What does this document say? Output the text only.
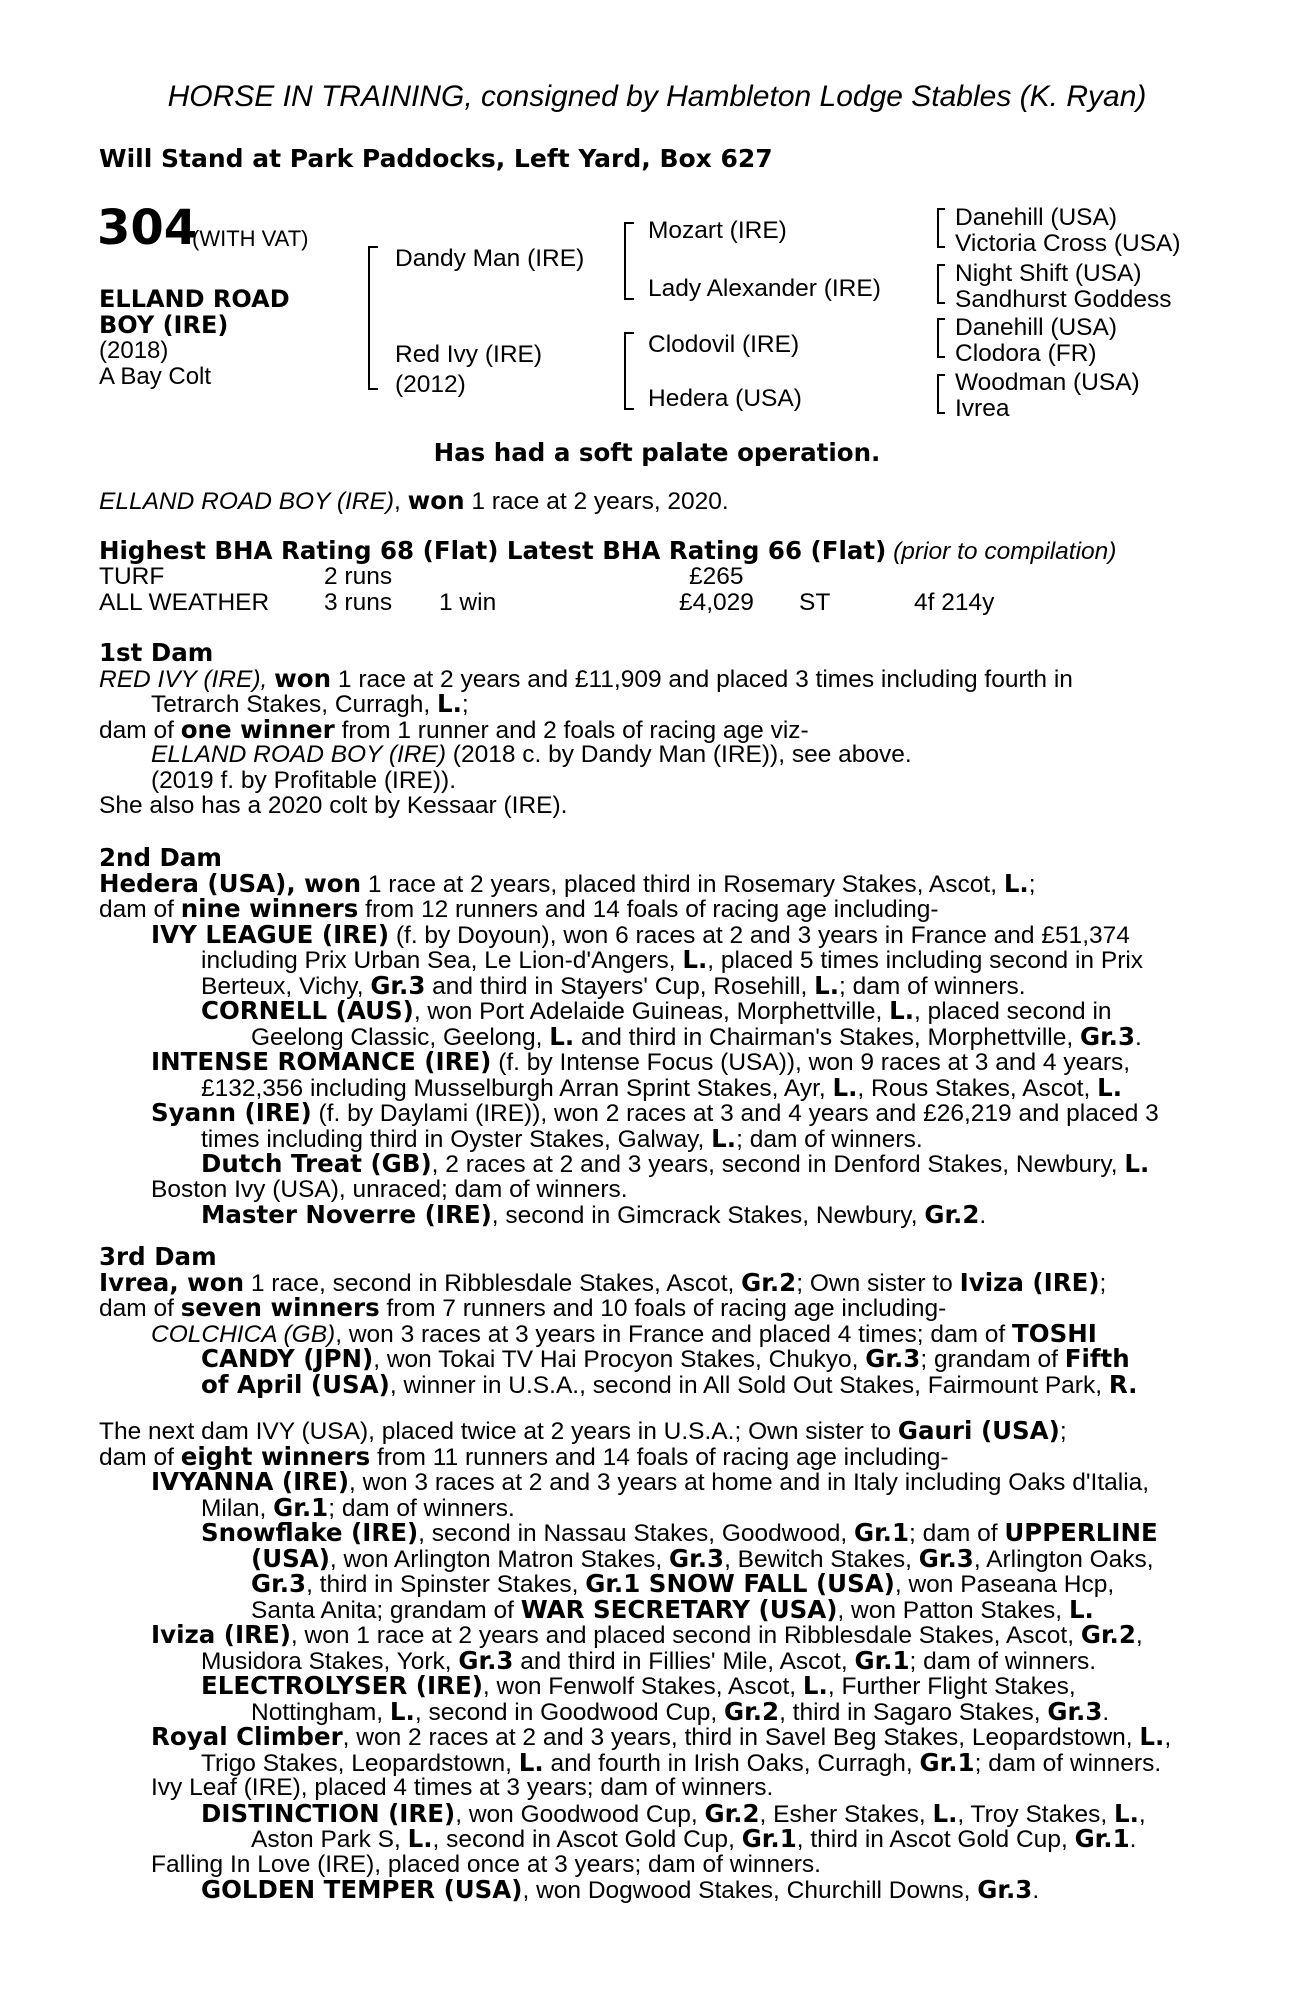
HORSE IN TRAINING, consigned by Hambleton Lodge Stables (K. Ryan)
Will Stand at Park Paddocks, Left Yard, Box 627
304
(WITH VAT)
ELLAND ROAD
BOY (IRE)
(2018)
A Bay Colt
Dandy Man (IRE)
Red Ivy (IRE)
(2012)
Mozart (IRE)
Lady Alexander (IRE)
Clodovil (IRE)
Hedera (USA)
Danehill (USA)
Victoria Cross (USA)
Night Shift (USA)
Sandhurst Goddess
Danehill (USA)
Clodora (FR)
Woodman (USA)
Ivrea
Has had a soft palate operation.
ELLAND ROAD BOY (IRE), won 1 race at 2 years, 2020.
Highest BHA Rating 68 (Flat) Latest BHA Rating 66 (Flat) (prior to compilation)
TURF	2 runs	£265
ALL WEATHER 3 runs 1 win	£4,029 ST	4f 214y
1st Dam
RED IVY (IRE), won 1 race at 2 years and £11,909 and placed 3 times including fourth in
Tetrarch Stakes, Curragh, L.;
dam of one winner from 1 runner and 2 foals of racing age viz-
ELLAND ROAD BOY (IRE) (2018 c. by Dandy Man (IRE)), see above.
(2019 f. by Profitable (IRE)).
She also has a 2020 colt by Kessaar (IRE).
2nd Dam
Hedera (USA), won 1 race at 2 years, placed third in Rosemary Stakes, Ascot, L.;
dam of nine winners from 12 runners and 14 foals of racing age including-
IVY LEAGUE (IRE) (f. by Doyoun), won 6 races at 2 and 3 years in France and £51,374
including Prix Urban Sea, Le Lion-d'Angers, L., placed 5 times including second in Prix
Berteux, Vichy, Gr.3 and third in Stayers' Cup, Rosehill, L.; dam of winners.
CORNELL (AUS), won Port Adelaide Guineas, Morphettville, L., placed second in
Geelong Classic, Geelong, L. and third in Chairman's Stakes, Morphettville, Gr.3.
INTENSE ROMANCE (IRE) (f. by Intense Focus (USA)), won 9 races at 3 and 4 years,
£132,356 including Musselburgh Arran Sprint Stakes, Ayr, L., Rous Stakes, Ascot, L.
Syann (IRE) (f. by Daylami (IRE)), won 2 races at 3 and 4 years and £26,219 and placed 3
times including third in Oyster Stakes, Galway, L.; dam of winners.
Dutch Treat (GB), 2 races at 2 and 3 years, second in Denford Stakes, Newbury, L.
Boston Ivy (USA), unraced; dam of winners.
Master Noverre (IRE), second in Gimcrack Stakes, Newbury, Gr.2.
3rd Dam
Ivrea, won 1 race, second in Ribblesdale Stakes, Ascot, Gr.2; Own sister to Iviza (IRE);
dam of seven winners from 7 runners and 10 foals of racing age including-
COLCHICA (GB), won 3 races at 3 years in France and placed 4 times; dam of TOSHI
CANDY (JPN), won Tokai TV Hai Procyon Stakes, Chukyo, Gr.3; grandam of Fifth
of April (USA), winner in U.S.A., second in All Sold Out Stakes, Fairmount Park, R.
The next dam IVY (USA), placed twice at 2 years in U.S.A.; Own sister to Gauri (USA);
dam of eight winners from 11 runners and 14 foals of racing age including-
IVYANNA (IRE), won 3 races at 2 and 3 years at home and in Italy including Oaks d'Italia,
Milan, Gr.1; dam of winners.
Snowflake (IRE), second in Nassau Stakes, Goodwood, Gr.1; dam of UPPERLINE
(USA), won Arlington Matron Stakes, Gr.3, Bewitch Stakes, Gr.3, Arlington Oaks,
Gr.3, third in Spinster Stakes, Gr.1 SNOW FALL (USA), won Paseana Hcp,
Santa Anita; grandam of WAR SECRETARY (USA), won Patton Stakes, L.
Iviza (IRE), won 1 race at 2 years and placed second in Ribblesdale Stakes, Ascot, Gr.2,
Musidora Stakes, York, Gr.3 and third in Fillies' Mile, Ascot, Gr.1; dam of winners.
ELECTROLYSER (IRE), won Fenwolf Stakes, Ascot, L., Further Flight Stakes,
Nottingham, L., second in Goodwood Cup, Gr.2, third in Sagaro Stakes, Gr.3.
Royal Climber, won 2 races at 2 and 3 years, third in Savel Beg Stakes, Leopardstown, L.,
Trigo Stakes, Leopardstown, L. and fourth in Irish Oaks, Curragh, Gr.1; dam of winners.
Ivy Leaf (IRE), placed 4 times at 3 years; dam of winners.
DISTINCTION (IRE), won Goodwood Cup, Gr.2, Esher Stakes, L., Troy Stakes, L.,
Aston Park S, L., second in Ascot Gold Cup, Gr.1, third in Ascot Gold Cup, Gr.1.
Falling In Love (IRE), placed once at 3 years; dam of winners.
GOLDEN TEMPER (USA), won Dogwood Stakes, Churchill Downs, Gr.3.
